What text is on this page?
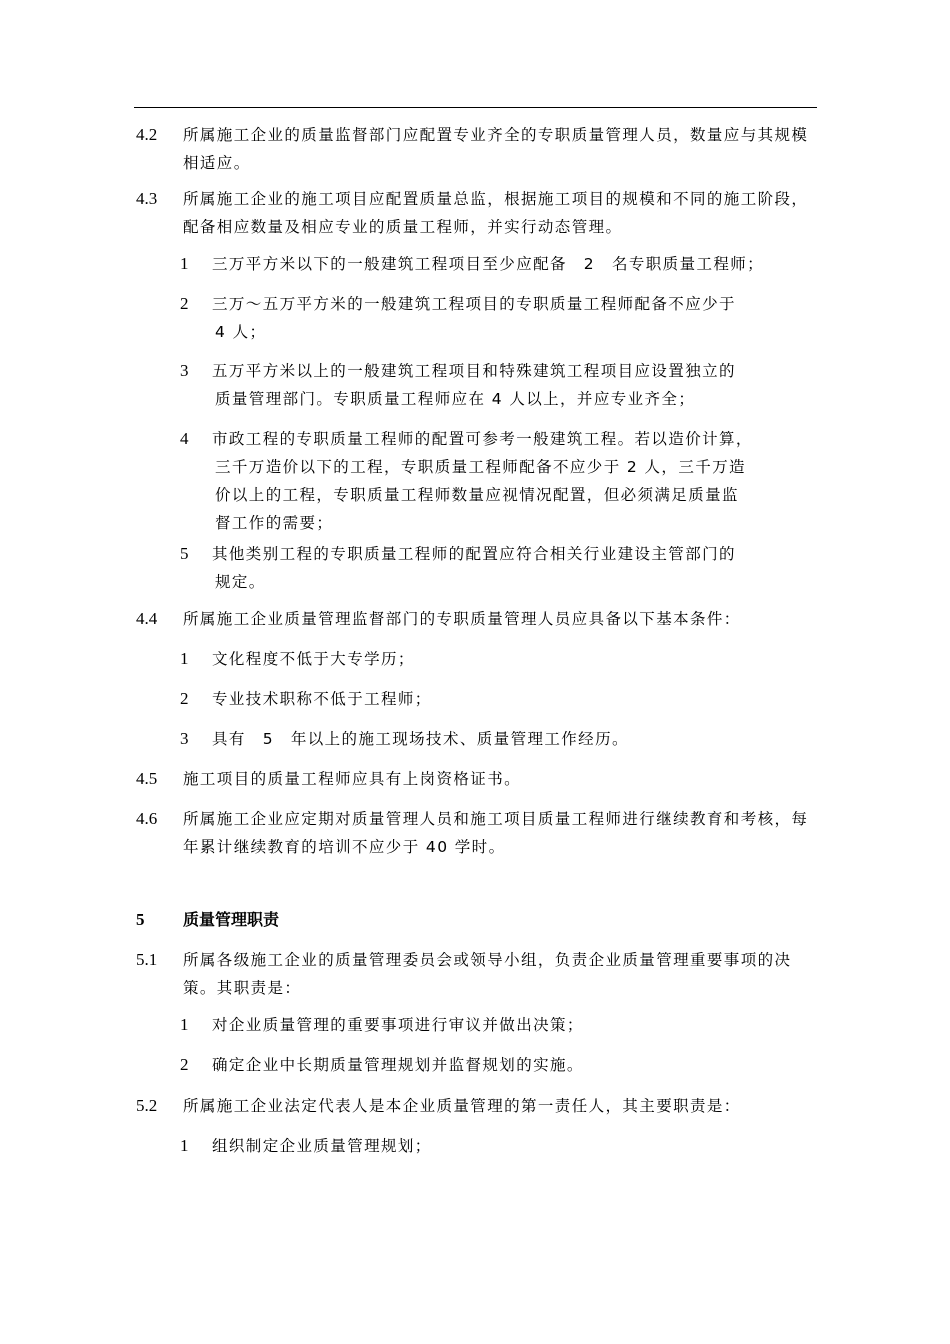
4.2 所属施工企业的质量监督部门应配置专业齐全的专职质量管理人员，数量应与其规模相适应。
4.3 所属施工企业的施工项目应配置质量总监，根据施工项目的规模和不同的施工阶段，配备相应数量及相应专业的质量工程师，并实行动态管理。
1 三万平方米以下的一般建筑工程项目至少应配备　2　名专职质量工程师；
2 三万～五万平方米的一般建筑工程项目的专职质量工程师配备不应少于
4 人；
3 五万平方米以上的一般建筑工程项目和特殊建筑工程项目应设置独立的
质量管理部门。专职质量工程师应在 4 人以上，并应专业齐全；
4 市政工程的专职质量工程师的配置可参考一般建筑工程。若以造价计算，
三千万造价以下的工程，专职质量工程师配备不应少于 2 人，三千万造
价以上的工程，专职质量工程师数量应视情况配置，但必须满足质量监
督工作的需要；
5 其他类别工程的专职质量工程师的配置应符合相关行业建设主管部门的
规定。
4.4 所属施工企业质量管理监督部门的专职质量管理人员应具备以下基本条件：
1 文化程度不低于大专学历；
2 专业技术职称不低于工程师；
3 具有　5　年以上的施工现场技术、质量管理工作经历。
4.5 施工项目的质量工程师应具有上岗资格证书。
4.6 所属施工企业应定期对质量管理人员和施工项目质量工程师进行继续教育和考核，每年累计继续教育的培训不应少于 40 学时。
5 质量管理职责
5.1 所属各级施工企业的质量管理委员会或领导小组，负责企业质量管理重要事项的决策。其职责是：
1 对企业质量管理的重要事项进行审议并做出决策；
2 确定企业中长期质量管理规划并监督规划的实施。
5.2 所属施工企业法定代表人是本企业质量管理的第一责任人，其主要职责是：
1 组织制定企业质量管理规划；
